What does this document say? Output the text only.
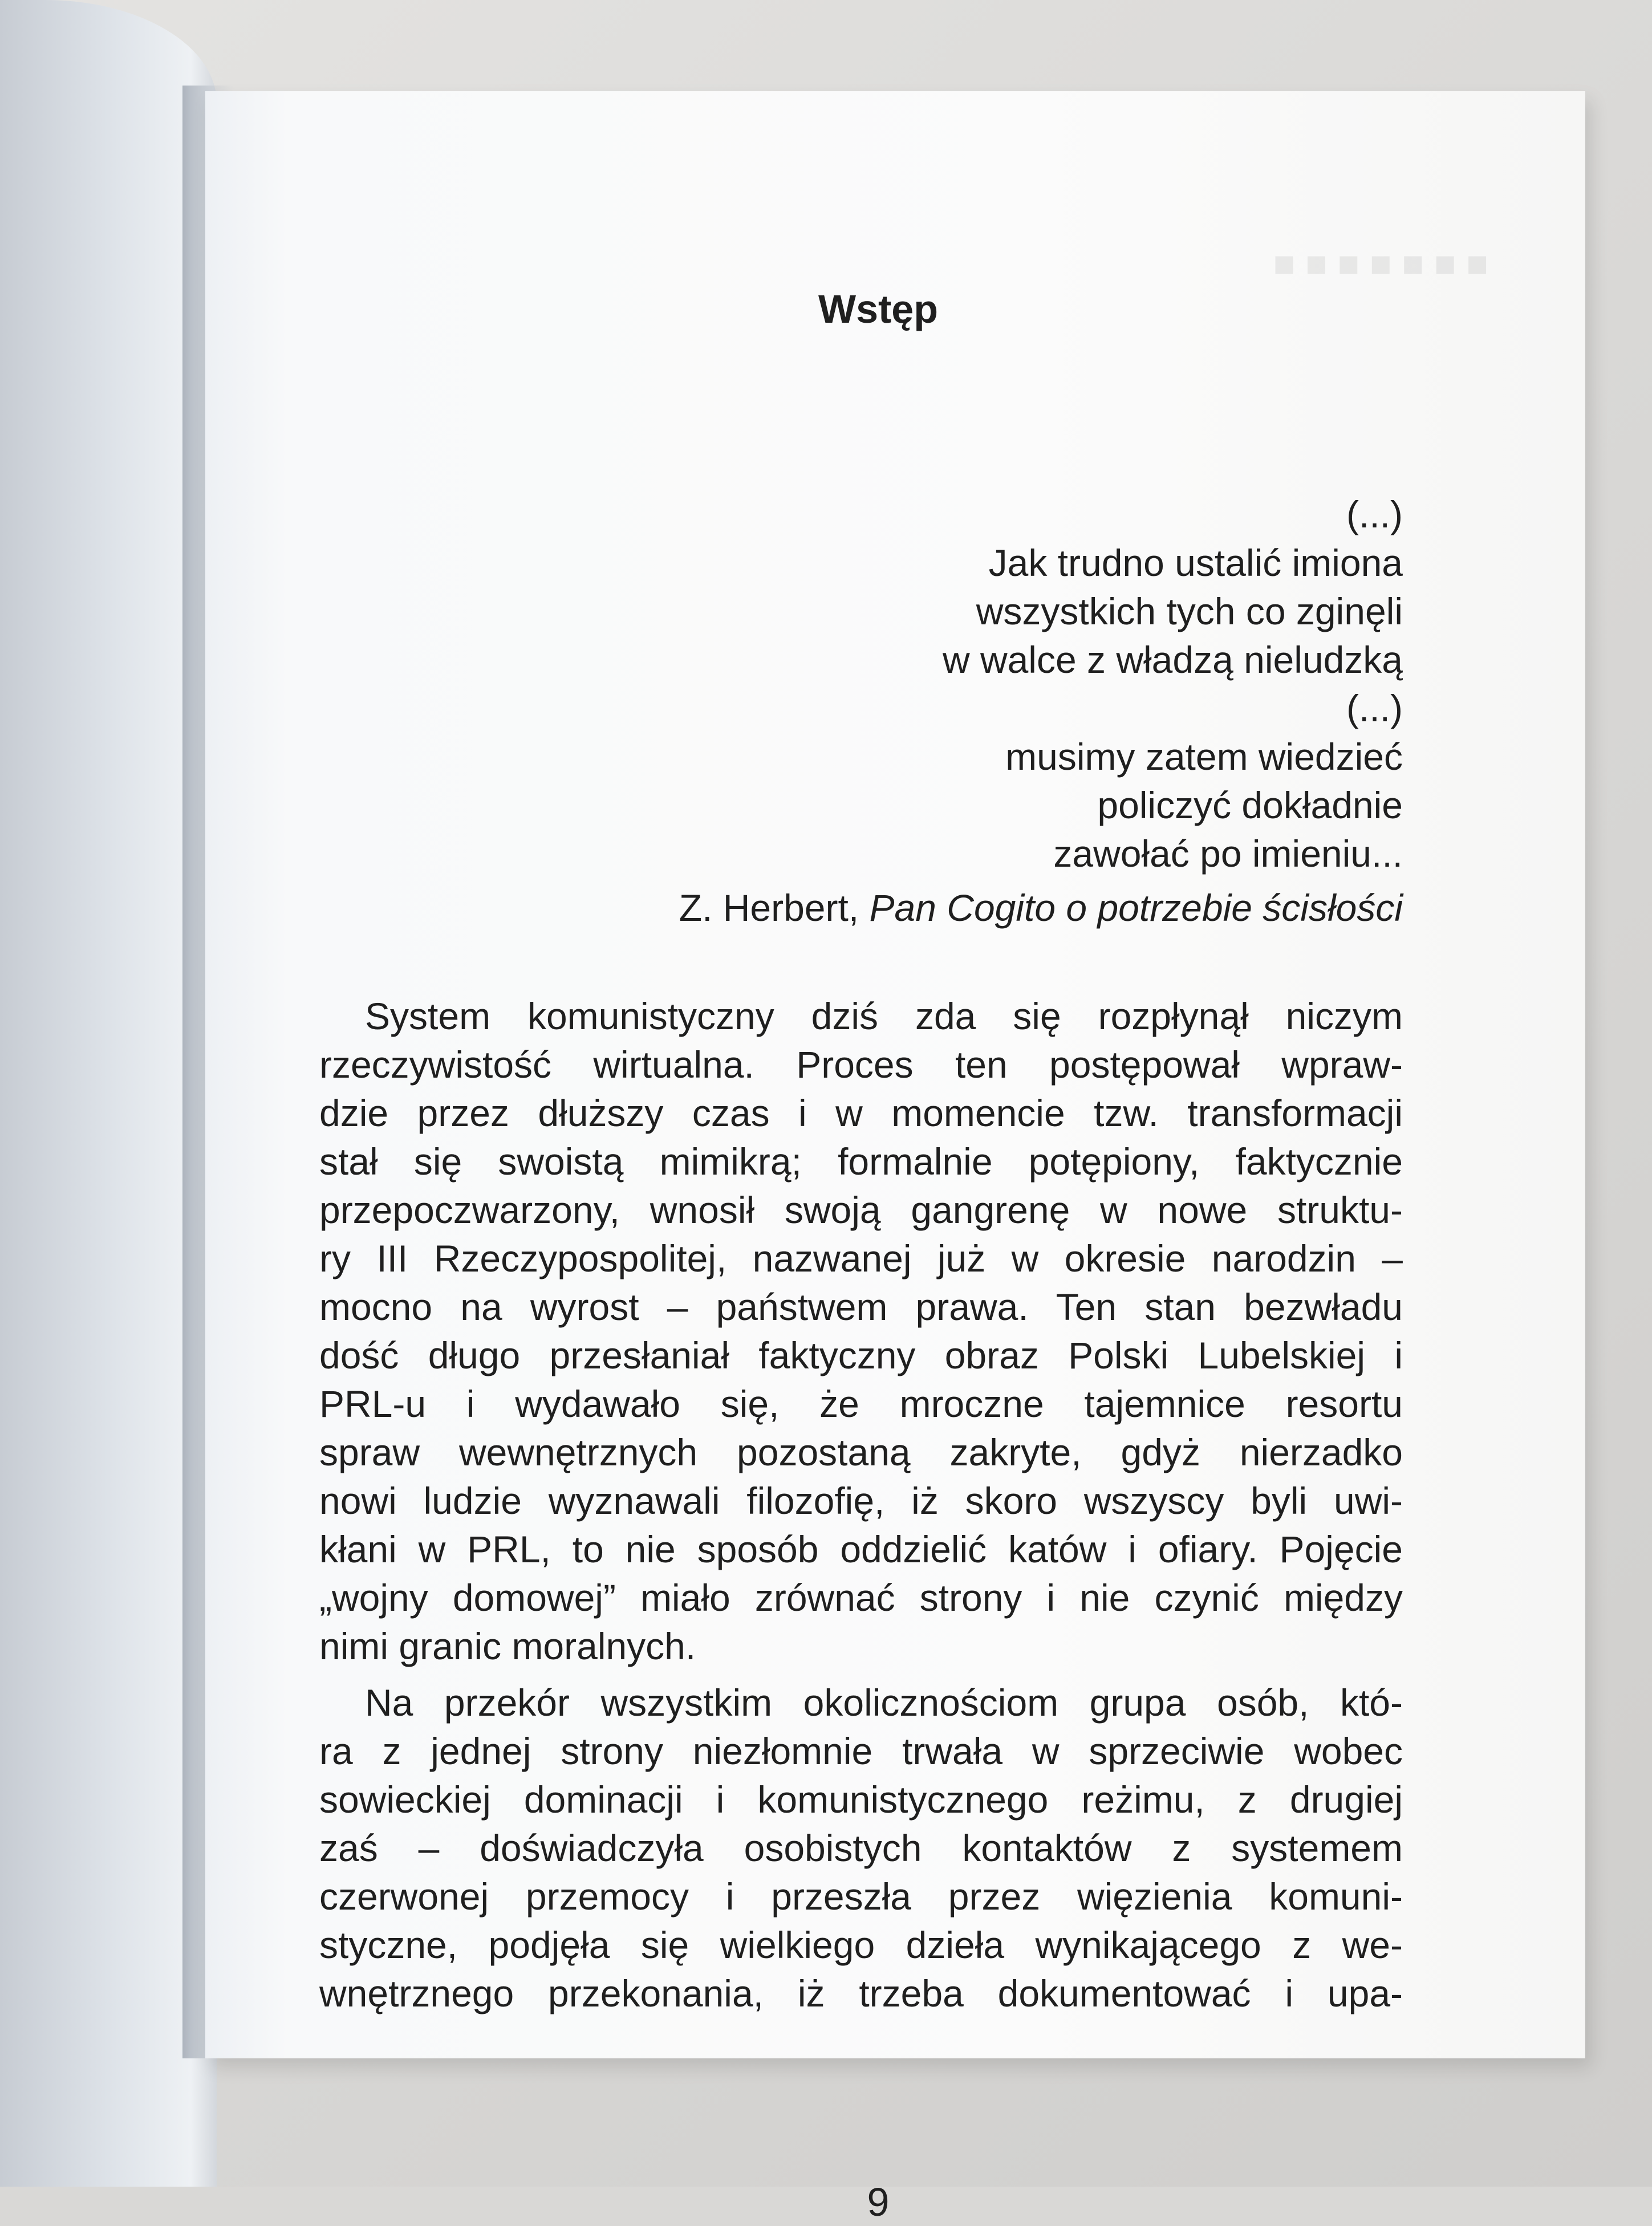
■ ■ ■ ■ ■ ■ ■
Wstęp
(...)
Jak trudno ustalić imiona
wszystkich tych co zginęli
w walce z władzą nieludzką
(...)
musimy zatem wiedzieć
policzyć dokładnie
zawołać po imieniu...
Z. Herbert, Pan Cogito o potrzebie ścisłości
System komunistyczny dziś zda się rozpłynął niczym
rzeczywistość wirtualna. Proces ten postępował wpraw-
dzie przez dłuższy czas i w momencie tzw. transformacji
stał się swoistą mimikrą; formalnie potępiony, faktycznie
przepoczwarzony, wnosił swoją gangrenę w nowe struktu-
ry III Rzeczypospolitej, nazwanej już w okresie narodzin –
mocno na wyrost – państwem prawa. Ten stan bezwładu
dość długo przesłaniał faktyczny obraz Polski Lubelskiej i
PRL-u i wydawało się, że mroczne tajemnice resortu
spraw wewnętrznych pozostaną zakryte, gdyż nierzadko
nowi ludzie wyznawali filozofię, iż skoro wszyscy byli uwi-
kłani w PRL, to nie sposób oddzielić katów i ofiary. Pojęcie
„wojny domowej” miało zrównać strony i nie czynić między
nimi granic moralnych.
Na przekór wszystkim okolicznościom grupa osób, któ-
ra z jednej strony niezłomnie trwała w sprzeciwie wobec
sowieckiej dominacji i komunistycznego reżimu, z drugiej
zaś – doświadczyła osobistych kontaktów z systemem
czerwonej przemocy i przeszła przez więzienia komuni-
styczne, podjęła się wielkiego dzieła wynikającego z we-
wnętrznego przekonania, iż trzeba dokumentować i upa-
9
